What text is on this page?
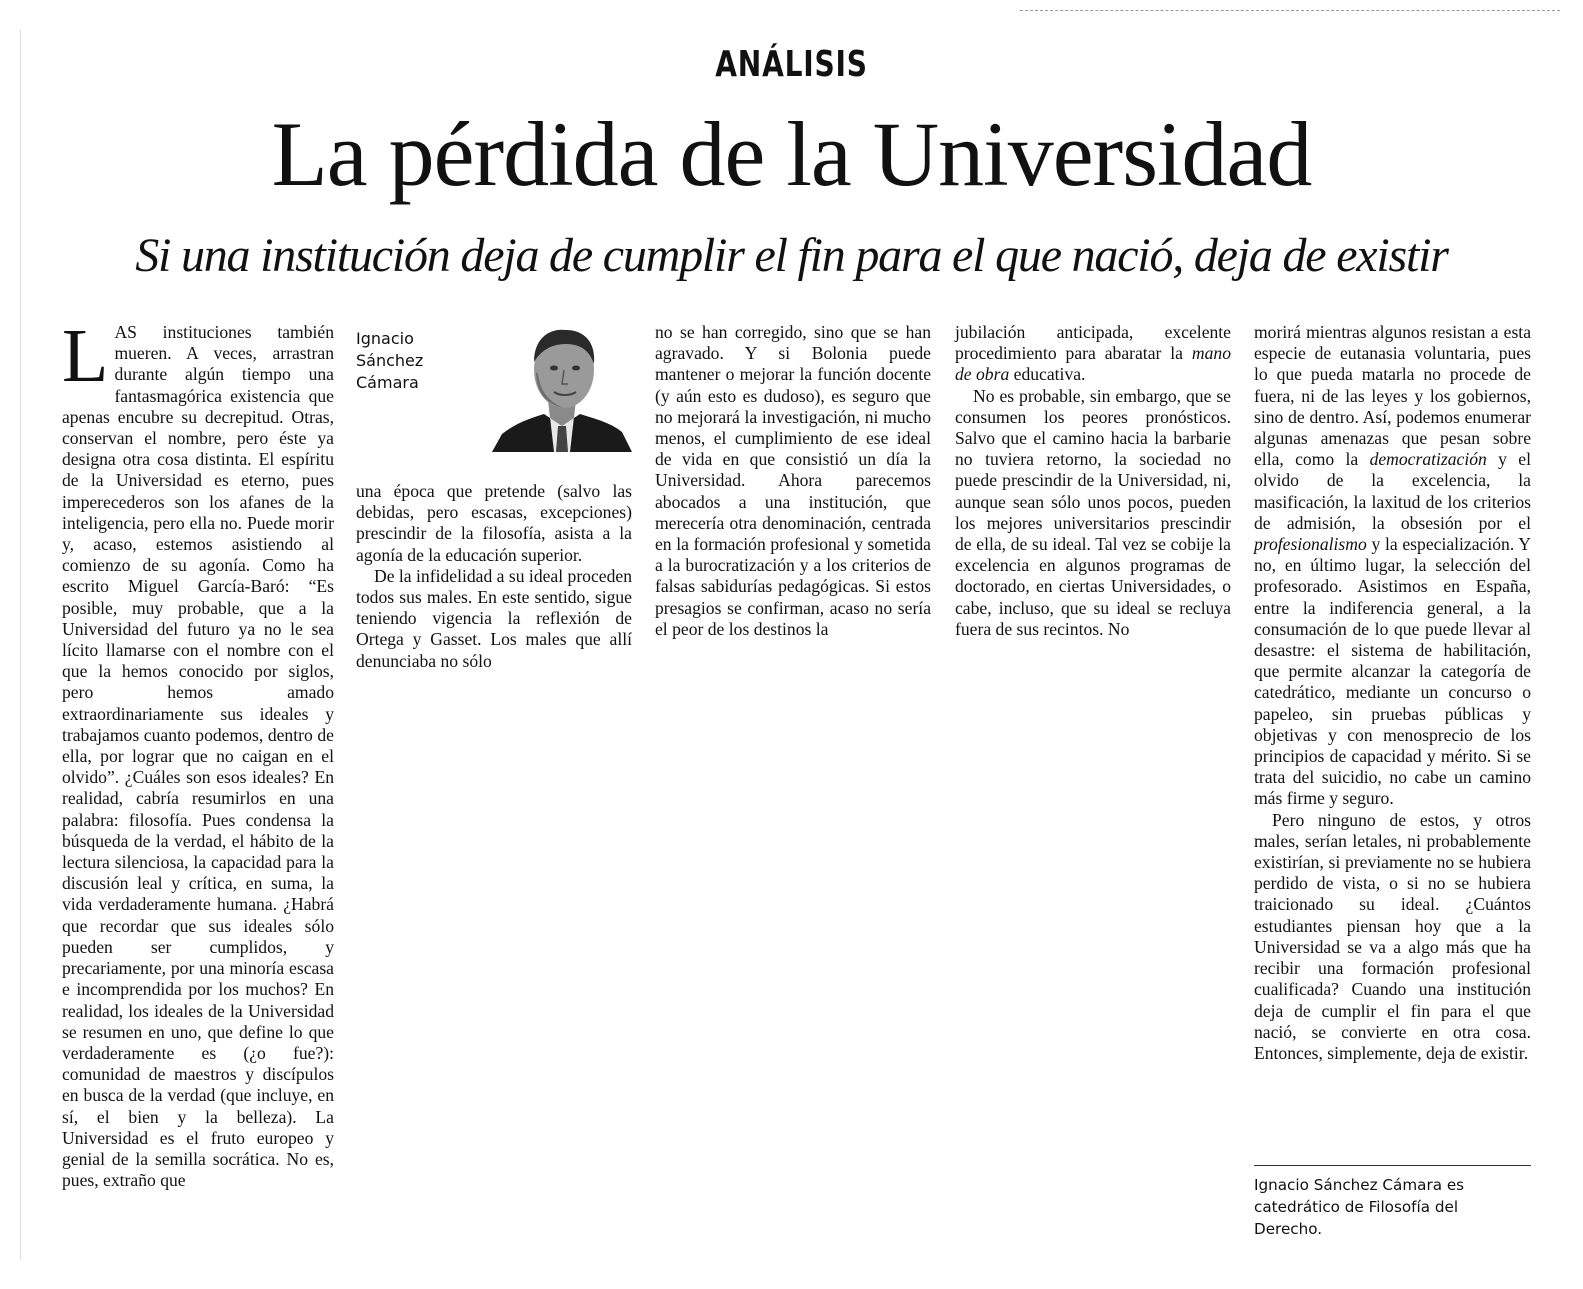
ANÁLISIS
La pérdida de la Universidad
Si una institución deja de cumplir el fin para el que nació, deja de existir

LAS instituciones también mueren. A veces, arrastran durante algún tiempo una fantasmagórica existencia que apenas encubre su decrepitud. Otras, conservan el nombre, pero éste ya designa otra cosa distinta. El espíritu de la Universidad es eterno, pues imperecederos son los afanes de la inteligencia, pero ella no. Puede morir y, acaso, estemos asistiendo al comienzo de su agonía. Como ha escrito Miguel García-Baró: “Es posible, muy probable, que a la Universidad del futuro ya no le sea lícito llamarse con el nombre con el que la hemos conocido por siglos, pero hemos amado extraordinariamente sus ideales y trabajamos cuanto podemos, dentro de ella, por lograr que no caigan en el olvido”. ¿Cuáles son esos ideales? En realidad, cabría resumirlos en una palabra: filosofía. Pues condensa la búsqueda de la verdad, el hábito de la lectura silenciosa, la capacidad para la discusión leal y crítica, en suma, la vida verdaderamente humana. ¿Habrá que recordar que sus ideales sólo pueden ser cumplidos, y precariamente, por una minoría escasa e incomprendida por los muchos? En realidad, los ideales de la Universidad se resumen en uno, que define lo que verdaderamente es (¿o fue?): comunidad de maestros y discípulos en busca de la verdad (que incluye, en sí, el bien y la belleza). La Universidad es el fruto europeo y genial de la semilla socrática. No es, pues, extraño que

Ignacio
Sánchez
Cámara

una época que pretende (salvo las debidas, pero escasas, excepciones) prescindir de la filosofía, asista a la agonía de la educación superior.

De la infidelidad a su ideal proceden todos sus males. En este sentido, sigue teniendo vigencia la reflexión de Ortega y Gasset. Los males que allí denunciaba no sólo

no se han corregido, sino que se han agravado. Y si Bolonia puede mantener o mejorar la función docente (y aún esto es dudoso), es seguro que no mejorará la investigación, ni mucho menos, el cumplimiento de ese ideal de vida en que consistió un día la Universidad. Ahora parecemos abocados a una institución, que merecería otra denominación, centrada en la formación profesional y sometida a la burocratización y a los criterios de falsas sabidurías pedagógicas. Si estos presagios se confirman, acaso no sería el peor de los destinos la

jubilación anticipada, excelente procedimiento para abaratar la mano de obra educativa.

No es probable, sin embargo, que se consumen los peores pronósticos. Salvo que el camino hacia la barbarie no tuviera retorno, la sociedad no puede prescindir de la Universidad, ni, aunque sean sólo unos pocos, pueden los mejores universitarios prescindir de ella, de su ideal. Tal vez se cobije la excelencia en algunos programas de doctorado, en ciertas Universidades, o cabe, incluso, que su ideal se recluya fuera de sus recintos. No

morirá mientras algunos resistan a esta especie de eutanasia voluntaria, pues lo que pueda matarla no procede de fuera, ni de las leyes y los gobiernos, sino de dentro. Así, podemos enumerar algunas amenazas que pesan sobre ella, como la democratización y el olvido de la excelencia, la masificación, la laxitud de los criterios de admisión, la obsesión por el profesionalismo y la especialización. Y no, en último lugar, la selección del profesorado. Asistimos en España, entre la indiferencia general, a la consumación de lo que puede llevar al desastre: el sistema de habilitación, que permite alcanzar la categoría de catedrático, mediante un concurso o papeleo, sin pruebas públicas y objetivas y con menosprecio de los principios de capacidad y mérito. Si se trata del suicidio, no cabe un camino más firme y seguro.

Pero ninguno de estos, y otros males, serían letales, ni probablemente existirían, si previamente no se hubiera perdido de vista, o si no se hubiera traicionado su ideal. ¿Cuántos estudiantes piensan hoy que a la Universidad se va a algo más que ha recibir una formación profesional cualificada? Cuando una institución deja de cumplir el fin para el que nació, se convierte en otra cosa. Entonces, simplemente, deja de existir.

Ignacio Sánchez Cámara es catedrático de Filosofía del Derecho.
